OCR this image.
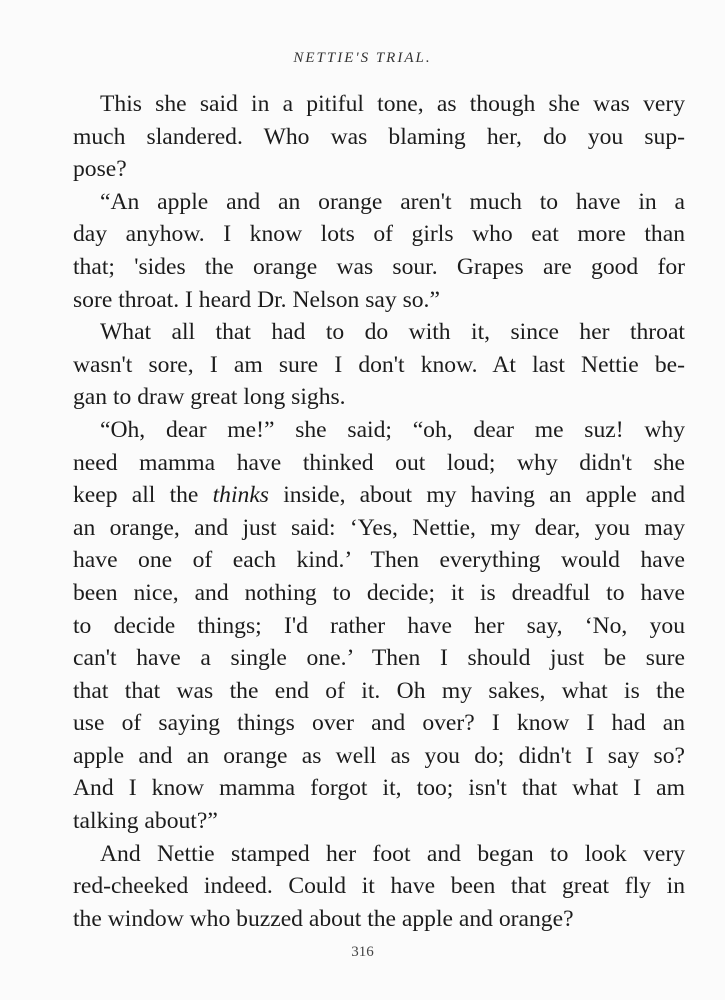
NETTIE'S TRIAL.
This she said in a pitiful tone, as though she was very
much slandered. Who was blaming her, do you sup-
pose?
“An apple and an orange aren't much to have in a
day anyhow. I know lots of girls who eat more than
that; 'sides the orange was sour. Grapes are good for
sore throat. I heard Dr. Nelson say so.”
What all that had to do with it, since her throat
wasn't sore, I am sure I don't know. At last Nettie be-
gan to draw great long sighs.
“Oh, dear me!” she said; “oh, dear me suz! why
need mamma have thinked out loud; why didn't she
keep all the thinks inside, about my having an apple and
an orange, and just said: ‘Yes, Nettie, my dear, you may
have one of each kind.’ Then everything would have
been nice, and nothing to decide; it is dreadful to have
to decide things; I'd rather have her say, ‘No, you
can't have a single one.’ Then I should just be sure
that that was the end of it. Oh my sakes, what is the
use of saying things over and over? I know I had an
apple and an orange as well as you do; didn't I say so?
And I know mamma forgot it, too; isn't that what I am
talking about?”
And Nettie stamped her foot and began to look very
red-cheeked indeed. Could it have been that great fly in
the window who buzzed about the apple and orange?
316
